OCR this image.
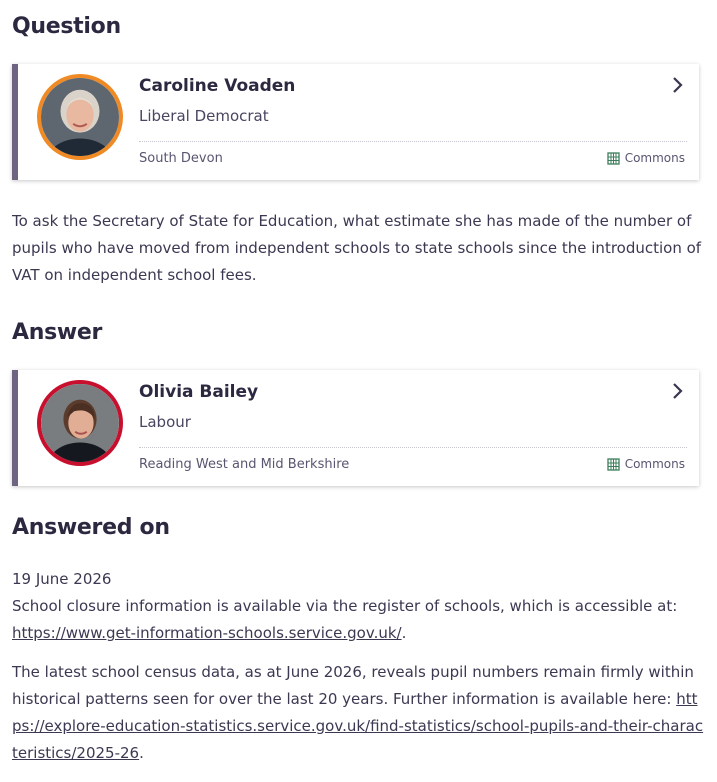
Question
Caroline Voaden
Liberal Democrat
South Devon	Commons

To ask the Secretary of State for Education, what estimate she has made of the number of pupils who have moved from independent schools to state schools since the introduction of VAT on independent school fees.

Answer
Olivia Bailey
Labour
Reading West and Mid Berkshire	Commons
Answered on
19 June 2026
School closure information is available via the register of schools, which is accessible at:
https://www.get-information-schools.service.gov.uk/.
The latest school census data, as at June 2026, reveals pupil numbers remain firmly within historical patterns seen for over the last 20 years. Further information is available here: https://explore-education-statistics.service.gov.uk/find-statistics/school-pupils-and-their-characteristics/2025-26.
